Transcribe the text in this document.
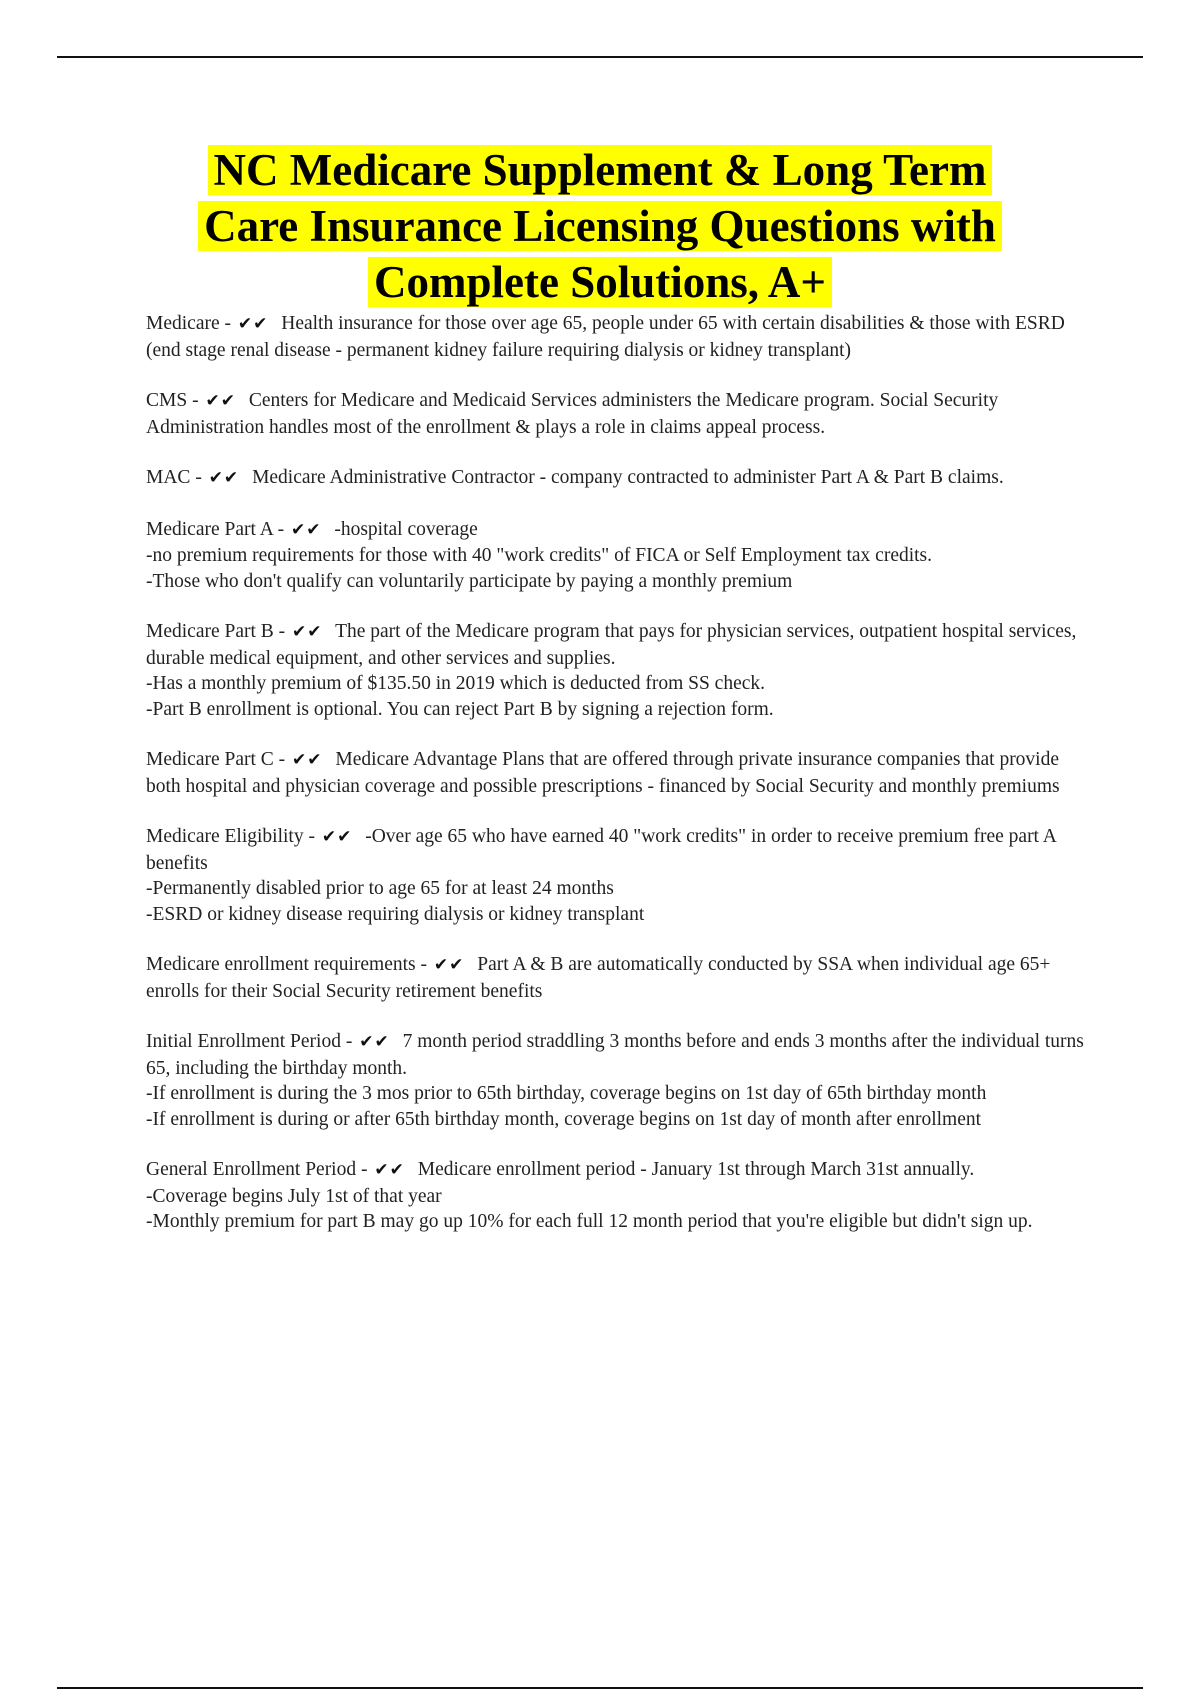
NC Medicare Supplement & Long Term
Care Insurance Licensing Questions with
Complete Solutions, A+

Medicare - ✔✔ Health insurance for those over age 65, people under 65 with certain disabilities & those with ESRD (end stage renal disease - permanent kidney failure requiring dialysis or kidney transplant)

CMS - ✔✔ Centers for Medicare and Medicaid Services administers the Medicare program. Social Security Administration handles most of the enrollment & plays a role in claims appeal process.

MAC - ✔✔ Medicare Administrative Contractor - company contracted to administer Part A & Part B claims.

Medicare Part A - ✔✔ -hospital coverage

-no premium requirements for those with 40 "work credits" of FICA or Self Employment tax credits.

-Those who don't qualify can voluntarily participate by paying a monthly premium

Medicare Part B - ✔✔ The part of the Medicare program that pays for physician services, outpatient hospital services, durable medical equipment, and other services and supplies.

-Has a monthly premium of $135.50 in 2019 which is deducted from SS check.

-Part B enrollment is optional. You can reject Part B by signing a rejection form.

Medicare Part C - ✔✔ Medicare Advantage Plans that are offered through private insurance companies that provide both hospital and physician coverage and possible prescriptions - financed by Social Security and monthly premiums

Medicare Eligibility - ✔✔ -Over age 65 who have earned 40 "work credits" in order to receive premium free part A benefits

-Permanently disabled prior to age 65 for at least 24 months

-ESRD or kidney disease requiring dialysis or kidney transplant

Medicare enrollment requirements - ✔✔ Part A & B are automatically conducted by SSA when individual age 65+ enrolls for their Social Security retirement benefits

Initial Enrollment Period - ✔✔ 7 month period straddling 3 months before and ends 3 months after the individual turns 65, including the birthday month.

-If enrollment is during the 3 mos prior to 65th birthday, coverage begins on 1st day of 65th birthday month

-If enrollment is during or after 65th birthday month, coverage begins on 1st day of month after enrollment

General Enrollment Period - ✔✔ Medicare enrollment period - January 1st through March 31st annually.

-Coverage begins July 1st of that year

-Monthly premium for part B may go up 10% for each full 12 month period that you're eligible but didn't sign up.
